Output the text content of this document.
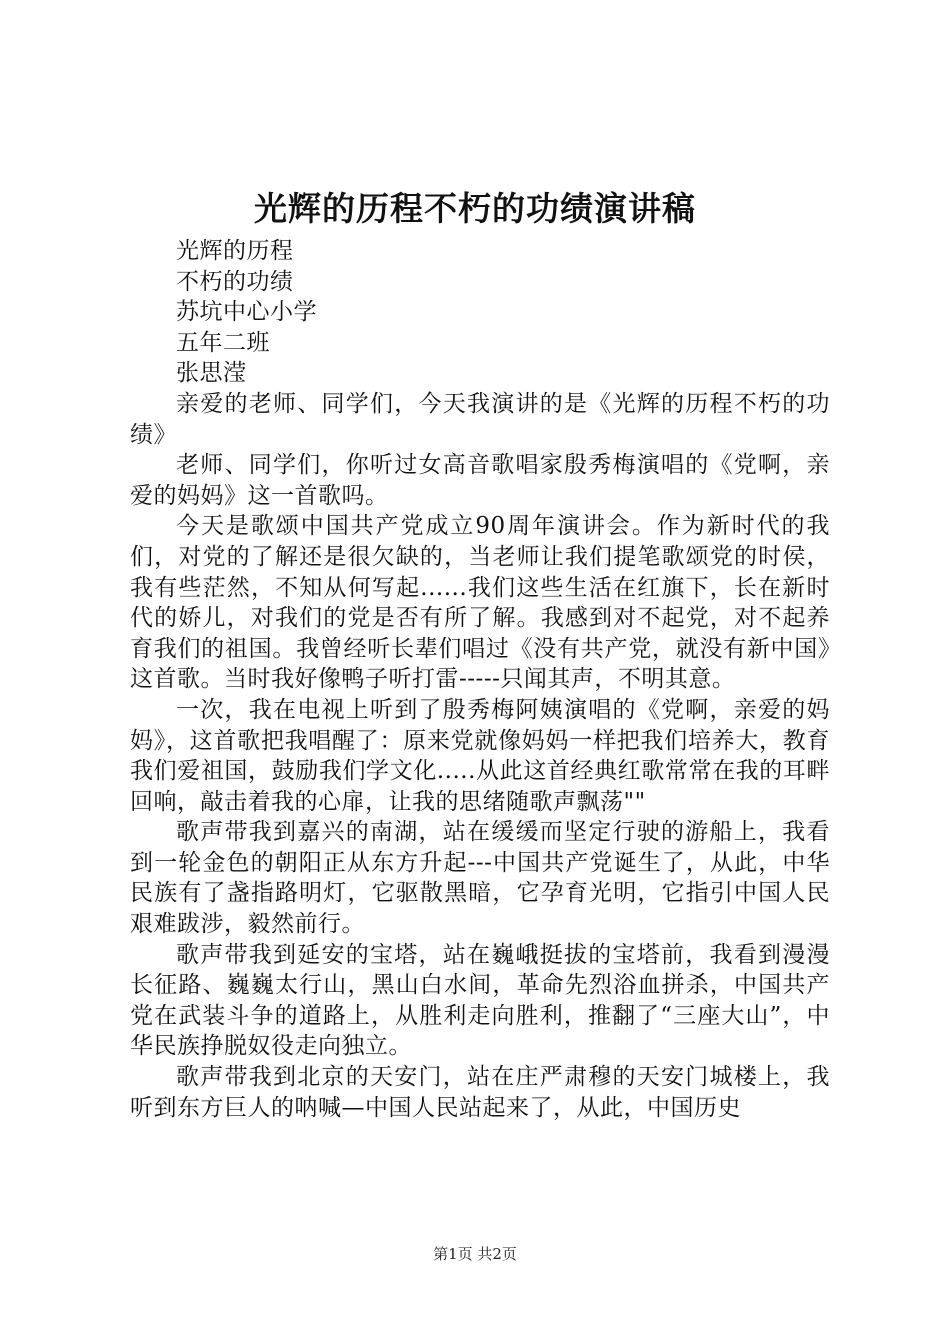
光辉的历程不朽的功绩演讲稿

光辉的历程

不朽的功绩

苏坑中心小学

五年二班

张思滢

亲爱的老师、同学们，今天我演讲的是《光辉的历程不朽的功绩》

老师、同学们，你听过女高音歌唱家殷秀梅演唱的《党啊，亲爱的妈妈》这一首歌吗。

今天是歌颂中国共产党成立90周年演讲会。作为新时代的我们，对党的了解还是很欠缺的，当老师让我们提笔歌颂党的时侯，我有些茫然，不知从何写起......我们这些生活在红旗下，长在新时代的娇儿，对我们的党是否有所了解。我感到对不起党，对不起养育我们的祖国。我曾经听长辈们唱过《没有共产党，就没有新中国》这首歌。当时我好像鸭子听打雷-----只闻其声，不明其意。

一次，我在电视上听到了殷秀梅阿姨演唱的《党啊，亲爱的妈妈》，这首歌把我唱醒了：原来党就像妈妈一样把我们培养大，教育我们爱祖国，鼓励我们学文化.....从此这首经典红歌常常在我的耳畔回响，敲击着我的心扉，让我的思绪随歌声飘荡""

歌声带我到嘉兴的南湖，站在缓缓而坚定行驶的游船上，我看到一轮金色的朝阳正从东方升起---中国共产党诞生了，从此，中华民族有了盏指路明灯，它驱散黑暗，它孕育光明，它指引中国人民艰难跋涉，毅然前行。

歌声带我到延安的宝塔，站在巍峨挺拔的宝塔前，我看到漫漫长征路、巍巍太行山，黑山白水间，革命先烈浴血拼杀，中国共产党在武装斗争的道路上，从胜利走向胜利，推翻了“三座大山”，中华民族挣脱奴役走向独立。

歌声带我到北京的天安门，站在庄严肃穆的天安门城楼上，我听到东方巨人的呐喊—中国人民站起来了，从此，中国历史

第1页 共2页
